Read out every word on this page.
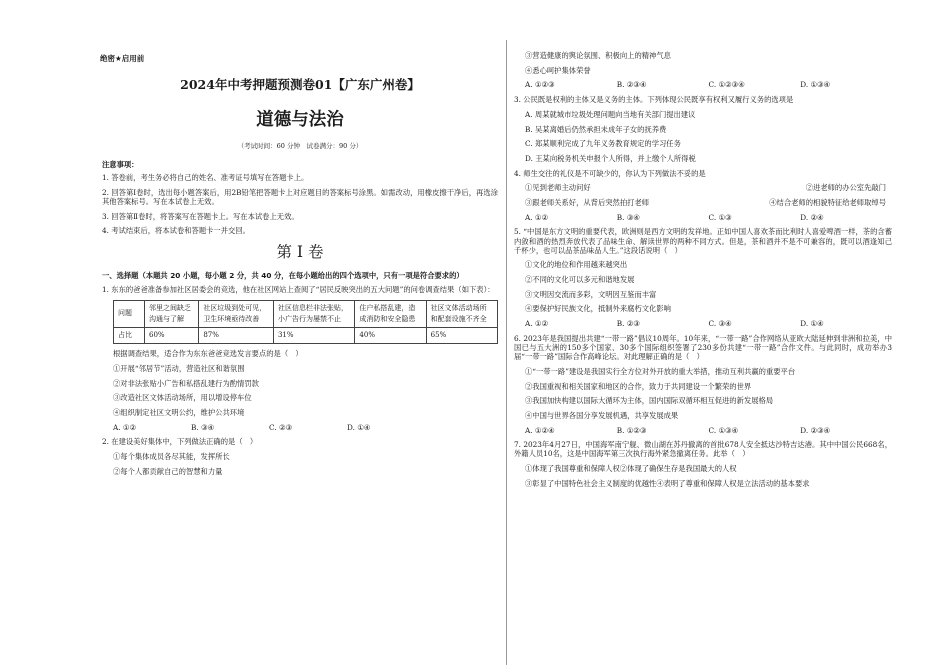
绝密★启用前
2024年中考押题预测卷01【广东广州卷】
道德与法治
（考试时间：60 分钟　试卷满分：90 分）
注意事项：
1. 答卷前，考生务必将自己的姓名、准考证号填写在答题卡上。
2. 回答第Ⅰ卷时，选出每小题答案后，用2B铅笔把答题卡上对应题目的答案标号涂黑。如需改动，用橡皮擦干净后，再选涂其他答案标号。写在本试卷上无效。
3. 回答第Ⅱ卷时，将答案写在答题卡上。写在本试卷上无效。
4. 考试结束后，将本试卷和答题卡一并交回。
第 I 卷
一、选择题（本题共 20 小题，每小题 2 分，共 40 分，在每小题给出的四个选项中，只有一项是符合要求的）
1. 东东的爸爸准备参加社区居委会的竞选，他在社区网站上查阅了“居民反映突出的五大问题”的问卷调查结果（如下表）：
问题	邻里之间缺乏沟通与了解	社区垃圾到处可见，卫生环境亟待改善	社区信息栏非法张贴，小广告行为屡禁不止	住户私搭乱建，造成消防和安全隐患	社区文体活动场所和配套设施不齐全
占比	60%	87%	31%	40%	65%
根据调查结果，适合作为东东爸爸竞选发言要点的是（　）
①开展“邻居节”活动，营造社区和谐氛围
②对非法张贴小广告和私搭乱建行为酌情罚款
③改造社区文体活动场所，用以增设停车位
④组织制定社区文明公约，维护公共环境
A. ①②	B. ③④	C. ②③	D. ①④
2. 在建设美好集体中，下列做法正确的是（　）
①每个集体成员各尽其能，发挥所长
②每个人都贡献自己的智慧和力量
③营造健康的舆论氛围、积极向上的精神气息
④悉心呵护集体荣誉
A. ①②③	B. ②③④	C. ①②③④	D. ①③④
3. 公民既是权利的主体又是义务的主体。下列体现公民既享有权利又履行义务的选项是
A. 周某就城市垃圾处理问题向当地有关部门提出建议
B. 吴某离婚后仍然承担未成年子女的抚养费
C. 郑某顺利完成了九年义务教育规定的学习任务
D. 王某向税务机关申报个人所得，并上缴个人所得税
4. 师生交往的礼仪是不可缺少的，你认为下列做法不妥的是
①见到老师主动问好	②进老师的办公室先敲门
③跟老师关系好，从背后突然拍打老师	④结合老师的相貌特征给老师取绰号
A. ①②	B. ③④	C. ①③	D. ②④
5. “中国是东方文明的重要代表，欧洲则是西方文明的发祥地。正如中国人喜欢茶而比利时人喜爱啤酒一样，茶的含蓄内敛和酒的热烈奔放代表了品味生命、解读世界的两种不同方式。但是，茶和酒并不是不可兼容的，既可以酒逢知己千杯少，也可以品茶品味品人生。”这段话说明（　）
①文化的地位和作用越来越突出
②不同的文化可以多元和谐地发展
③文明因交流而多彩，文明因互鉴而丰富
④要保护好民族文化，抵制外来腐朽文化影响
A. ①②	B. ②③	C. ③④	D. ①④
6. 2023年是我国提出共建“一带一路”倡议10周年。10年来，“一带一路”合作网络从亚欧大陆延伸到非洲和拉美，中国已与五大洲的150多个国家、30多个国际组织签署了230多份共建“一带一路”合作文件。与此同时，成功举办3届“一带一路”国际合作高峰论坛。对此理解正确的是（　）
①“一带一路”建设是我国实行全方位对外开放的重大举措，推动互利共赢的重要平台
②我国重视和相关国家和地区的合作，致力于共同建设一个繁荣的世界
③我国加快构建以国际大循环为主体，国内国际双循环相互促进的新发展格局
④中国与世界各国分享发展机遇，共享发展成果
A. ①②④	B. ①②③	C. ①③④	D. ②③④
7. 2023年4月27日，中国海军南宁舰、微山湖在苏丹撤离的首批678人安全抵达沙特吉达港。其中中国公民668名，外籍人员10名，这是中国海军第三次执行海外紧急撤离任务。此举（　）
①体现了我国尊重和保障人权②体现了确保生存是我国最大的人权
③彰显了中国特色社会主义制度的优越性④表明了尊重和保障人权是立法活动的基本要求
